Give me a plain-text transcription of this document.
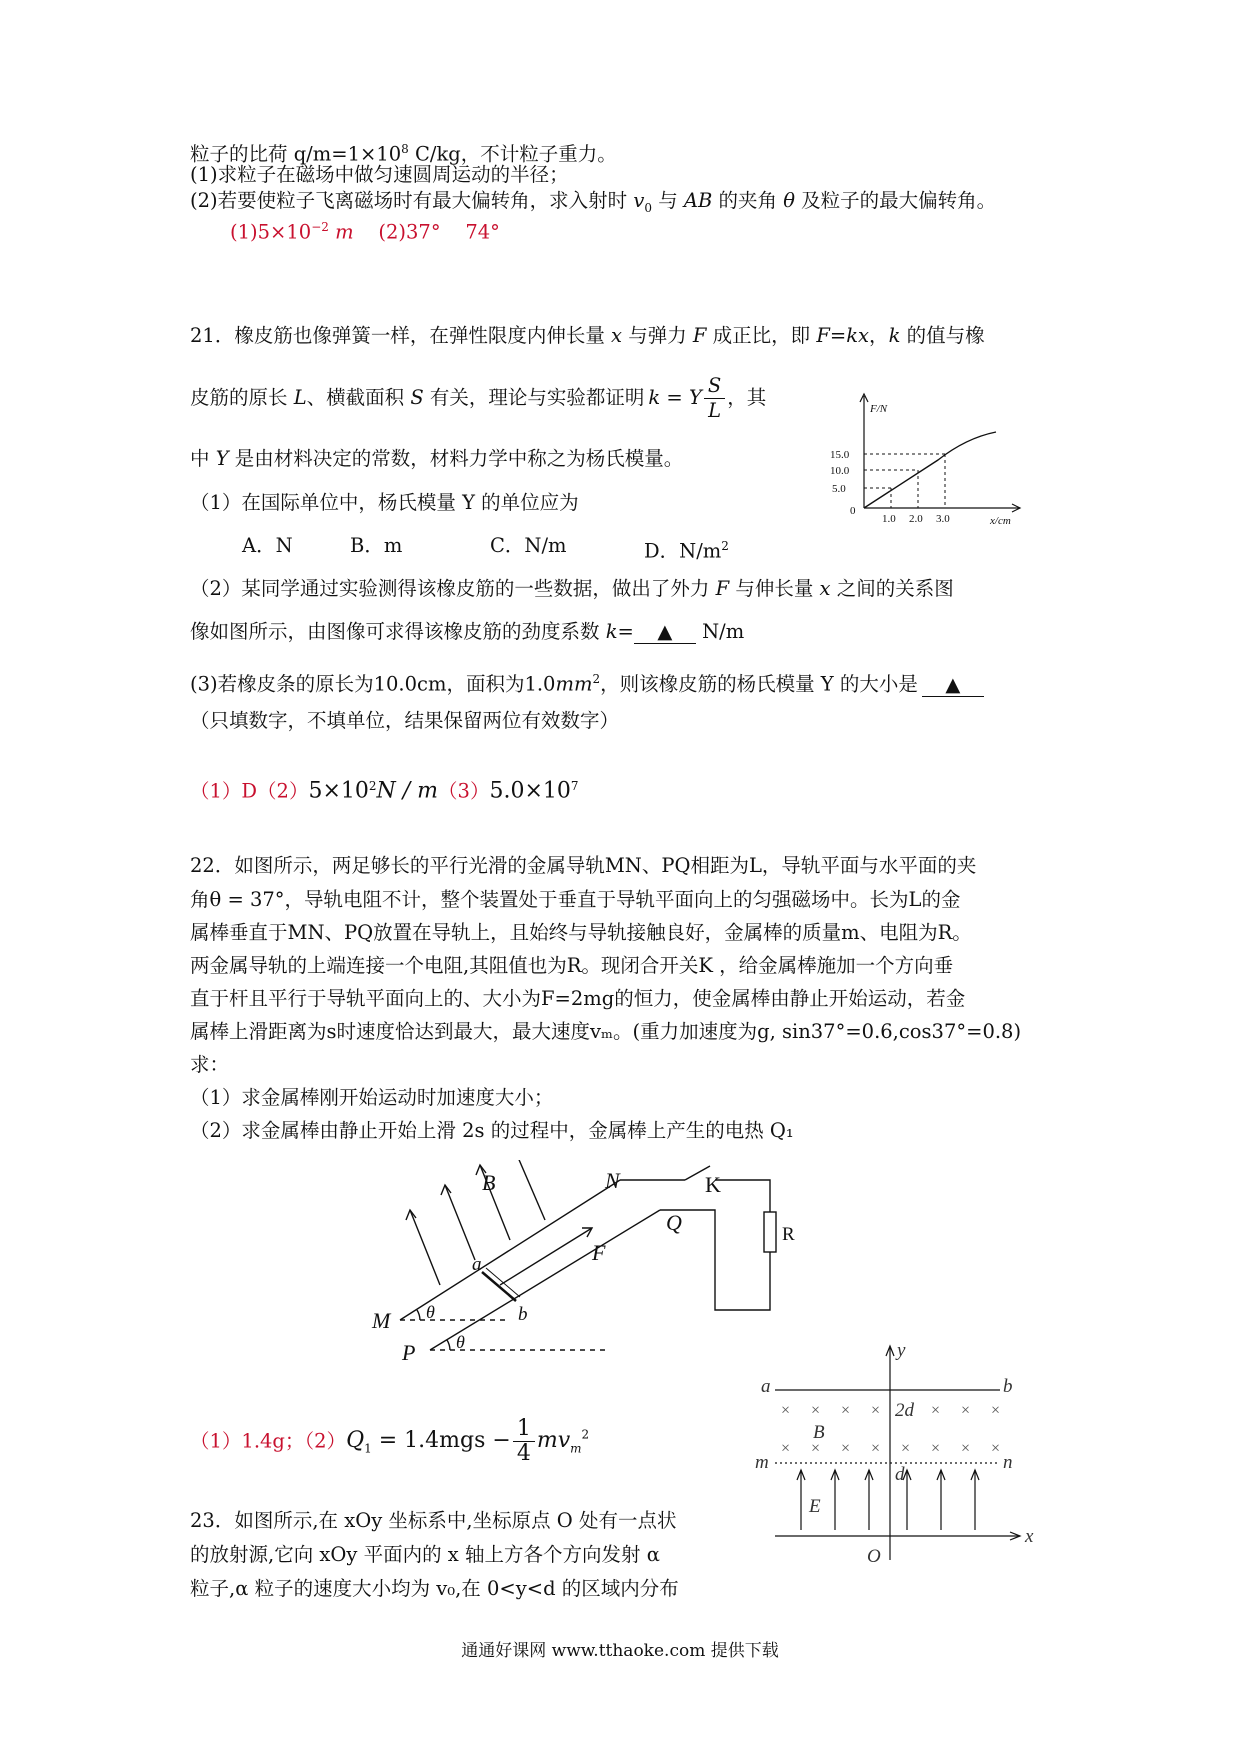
粒子的比荷 $q/m=1\times 10^8$ C/kg，不计粒子重力。
(1)求粒子在磁场中做匀速圆周运动的半径；
(2)若要使粒子飞离磁场时有最大偏转角，求入射时 $v_0$ 与 AB 的夹角 θ 及粒子的最大偏转角。
$(1)5\times 10^{-2}$ m    (2)37°    74°
21．橡皮筋也像弹簧一样，在弹性限度内伸长量 x 与弹力 F 成正比，即 F=kx，k 的值与橡
皮筋的原长 L、横截面积 S 有关，理论与实验都证明 k = Y $\frac{S}{L}$ ，其
中 Y 是由材料决定的常数，材料力学中称之为杨氏模量。
（1）在国际单位中，杨氏模量 Y 的单位应为
A．N	B．m	C．N/m	D．$N/m^2$
（2）某同学通过实验测得该橡皮筋的一些数据，做出了外力 F 与伸长量 x 之间的关系图
像如图所示，由图像可求得该橡皮筋的劲度系数 k= ▲ N/m
(3)若橡皮条的原长为10.0cm，面积为$1.0mm^2$，则该橡皮筋的杨氏模量 Y 的大小是 ▲
（只填数字，不填单位，结果保留两位有效数字）
$(1)D(2)5\times 10^2N / m(3)5.0\times 10^7$
F/N
x/cm
0
5.0
10.0
15.0
1.0 2.0 3.0
22．如图所示，两足够长的平行光滑的金属导轨MN、PQ相距为L，导轨平面与水平面的夹
角θ = 37°，导轨电阻不计，整个装置处于垂直于导轨平面向上的匀强磁场中。长为L的金
属棒垂直于MN、PQ放置在导轨上，且始终与导轨接触良好，金属棒的质量m、电阻为R。
两金属导轨的上端连接一个电阻,其阻值也为R。现闭合开关K ，给金属棒施加一个方向垂
直于杆且平行于导轨平面向上的、大小为F=2mg的恒力，使金属棒由静止开始运动，若金
属棒上滑距离为s时速度恰达到最大，最大速度vₘ。(重力加速度为g, sin37°=0.6,cos37°=0.8)
求：
（1）求金属棒刚开始运动时加速度大小；
（2）求金属棒由静止开始上滑 2s 的过程中，金属棒上产生的电热 Q₁
B	N	K
R
Q
F
a
b
M θ
P θ
（1）1.4g；$(2)Q_1 = 1.4mgs - \frac{1}{4} mv_m^2$
23．如图所示,在 xOy 坐标系中,坐标原点 O 处有一点状
的放射源,它向 xOy 平面内的 x 轴上方各个方向发射 α
粒子,α 粒子的速度大小均为 v₀,在 0<y<d 的区域内分布
× × × ×	× × ×
× × × × × × × ×
y
a	b
2d
B
m	n
d
E
O
x
通通好课网 www.tthaoke.com 提供下载
